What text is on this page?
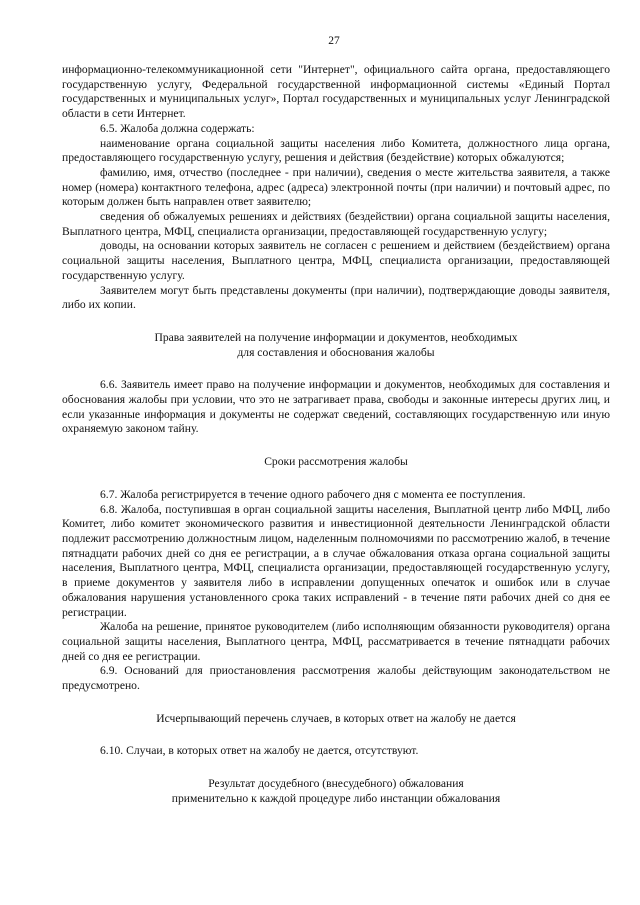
27

информационно-телекоммуникационной сети "Интернет", официального сайта органа, предоставляющего государственную услугу, Федеральной государственной информационной системы «Единый Портал государственных и муниципальных услуг», Портал государственных и муниципальных услуг Ленинградской области в сети Интернет.

6.5. Жалоба должна содержать:

наименование органа социальной защиты населения либо Комитета, должностного лица органа, предоставляющего государственную услугу, решения и действия (бездействие) которых обжалуются;

фамилию, имя, отчество (последнее - при наличии), сведения о месте жительства заявителя, а также номер (номера) контактного телефона, адрес (адреса) электронной почты (при наличии) и почтовый адрес, по которым должен быть направлен ответ заявителю;

сведения об обжалуемых решениях и действиях (бездействии) органа социальной защиты населения, Выплатного центра, МФЦ, специалиста организации, предоставляющей государственную услугу;

доводы, на основании которых заявитель не согласен с решением и действием (бездействием) органа социальной защиты населения, Выплатного центра, МФЦ, специалиста организации, предоставляющей государственную услугу.

Заявителем могут быть представлены документы (при наличии), подтверждающие доводы заявителя, либо их копии.

Права заявителей на получение информации и документов, необходимых
для составления и обоснования жалобы

6.6. Заявитель имеет право на получение информации и документов, необходимых для составления и обоснования жалобы при условии, что это не затрагивает права, свободы и законные интересы других лиц, и если указанные информация и документы не содержат сведений, составляющих государственную или иную охраняемую законом тайну.

Сроки рассмотрения жалобы

6.7. Жалоба регистрируется в течение одного рабочего дня с момента ее поступления.

6.8. Жалоба, поступившая в орган социальной защиты населения, Выплатной центр либо МФЦ, либо Комитет, либо комитет экономического развития и инвестиционной деятельности Ленинградской области подлежит рассмотрению должностным лицом, наделенным полномочиями по рассмотрению жалоб, в течение пятнадцати рабочих дней со дня ее регистрации, а в случае обжалования отказа органа социальной защиты населения, Выплатного центра, МФЦ, специалиста организации, предоставляющей государственную услугу, в приеме документов у заявителя либо в исправлении допущенных опечаток и ошибок или в случае обжалования нарушения установленного срока таких исправлений - в течение пяти рабочих дней со дня ее регистрации.

Жалоба на решение, принятое руководителем (либо исполняющим обязанности руководителя) органа социальной защиты населения, Выплатного центра, МФЦ, рассматривается в течение пятнадцати рабочих дней со дня ее регистрации.

6.9. Оснований для приостановления рассмотрения жалобы действующим законодательством не предусмотрено.

Исчерпывающий перечень случаев, в которых ответ на жалобу не дается

6.10. Случаи, в которых ответ на жалобу не дается, отсутствуют.

Результат досудебного (внесудебного) обжалования
применительно к каждой процедуре либо инстанции обжалования
